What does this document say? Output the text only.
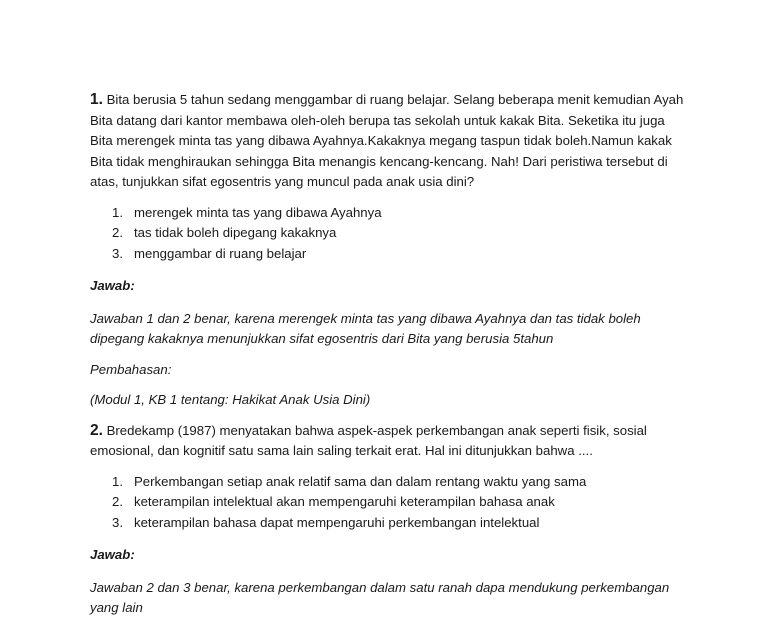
1. Bita berusia 5 tahun sedang menggambar di ruang belajar. Selang beberapa menit kemudian Ayah Bita datang dari kantor membawa oleh-oleh berupa tas sekolah untuk kakak Bita. Seketika itu juga Bita merengek minta tas yang dibawa Ayahnya.Kakaknya megang taspun tidak boleh.Namun kakak Bita tidak menghiraukan sehingga Bita menangis kencang-kencang. Nah! Dari peristiwa tersebut di atas, tunjukkan sifat egosentris yang muncul pada anak usia dini?

1. merengek minta tas yang dibawa Ayahnya
2. tas tidak boleh dipegang kakaknya
3. menggambar di ruang belajar

Jawab:

Jawaban 1 dan 2 benar, karena merengek minta tas yang dibawa Ayahnya dan tas tidak boleh dipegang kakaknya menunjukkan sifat egosentris dari Bita yang berusia 5tahun

Pembahasan:

(Modul 1, KB 1 tentang: Hakikat Anak Usia Dini)

2. Bredekamp (1987) menyatakan bahwa aspek-aspek perkembangan anak seperti fisik, sosial emosional, dan kognitif satu sama lain saling terkait erat. Hal ini ditunjukkan bahwa ....

1. Perkembangan setiap anak relatif sama dan dalam rentang waktu yang sama
2. keterampilan intelektual akan mempengaruhi keterampilan bahasa anak
3. keterampilan bahasa dapat mempengaruhi perkembangan intelektual

Jawab:

Jawaban 2 dan 3 benar, karena perkembangan dalam satu ranah dapa mendukung perkembangan yang lain
